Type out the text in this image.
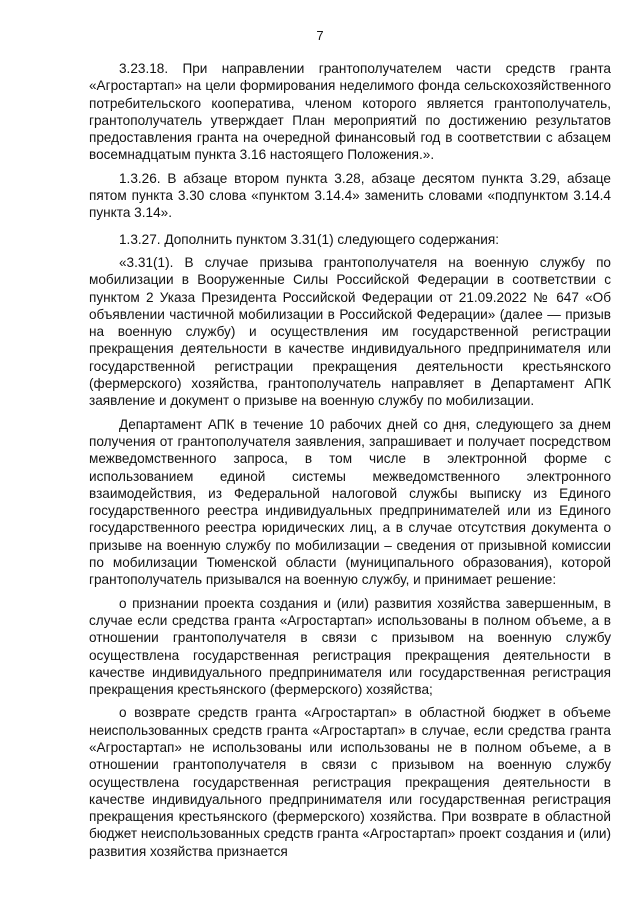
7

3.23.18. При направлении грантополучателем части средств гранта «Агростартап» на цели формирования неделимого фонда сельскохозяйственного потребительского кооператива, членом которого является грантополучатель, грантополучатель утверждает План мероприятий по достижению результатов предоставления гранта на очередной финансовый год в соответствии с абзацем восемнадцатым пункта 3.16 настоящего Положения.».

1.3.26. В абзаце втором пункта 3.28, абзаце десятом пункта 3.29, абзаце пятом пункта 3.30 слова «пунктом 3.14.4» заменить словами «подпунктом 3.14.4 пункта 3.14».

1.3.27. Дополнить пунктом 3.31(1) следующего содержания:

«3.31(1). В случае призыва грантополучателя на военную службу по мобилизации в Вооруженные Силы Российской Федерации в соответствии с пунктом 2 Указа Президента Российской Федерации от 21.09.2022 № 647 «Об объявлении частичной мобилизации в Российской Федерации» (далее — призыв на военную службу) и осуществления им государственной регистрации прекращения деятельности в качестве индивидуального предпринимателя или государственной регистрации прекращения деятельности крестьянского (фермерского) хозяйства, грантополучатель направляет в Департамент АПК заявление и документ о призыве на военную службу по мобилизации.

Департамент АПК в течение 10 рабочих дней со дня, следующего за днем получения от грантополучателя заявления, запрашивает и получает посредством межведомственного запроса, в том числе в электронной форме с использованием единой системы межведомственного электронного взаимодействия, из Федеральной налоговой службы выписку из Единого государственного реестра индивидуальных предпринимателей или из Единого государственного реестра юридических лиц, а в случае отсутствия документа о призыве на военную службу по мобилизации – сведения от призывной комиссии по мобилизации Тюменской области (муниципального образования), которой грантополучатель призывался на военную службу, и принимает решение:

о признании проекта создания и (или) развития хозяйства завершенным, в случае если средства гранта «Агростартап» использованы в полном объеме, а в отношении грантополучателя в связи с призывом на военную службу осуществлена государственная регистрация прекращения деятельности в качестве индивидуального предпринимателя или государственная регистрация прекращения крестьянского (фермерского) хозяйства;

о возврате средств гранта «Агростартап» в областной бюджет в объеме неиспользованных средств гранта «Агростартап» в случае, если средства гранта «Агростартап» не использованы или использованы не в полном объеме, а в отношении грантополучателя в связи с призывом на военную службу осуществлена государственная регистрация прекращения деятельности в качестве индивидуального предпринимателя или государственная регистрация прекращения крестьянского (фермерского) хозяйства. При возврате в областной бюджет неиспользованных средств гранта «Агростартап» проект создания и (или) развития хозяйства признается
